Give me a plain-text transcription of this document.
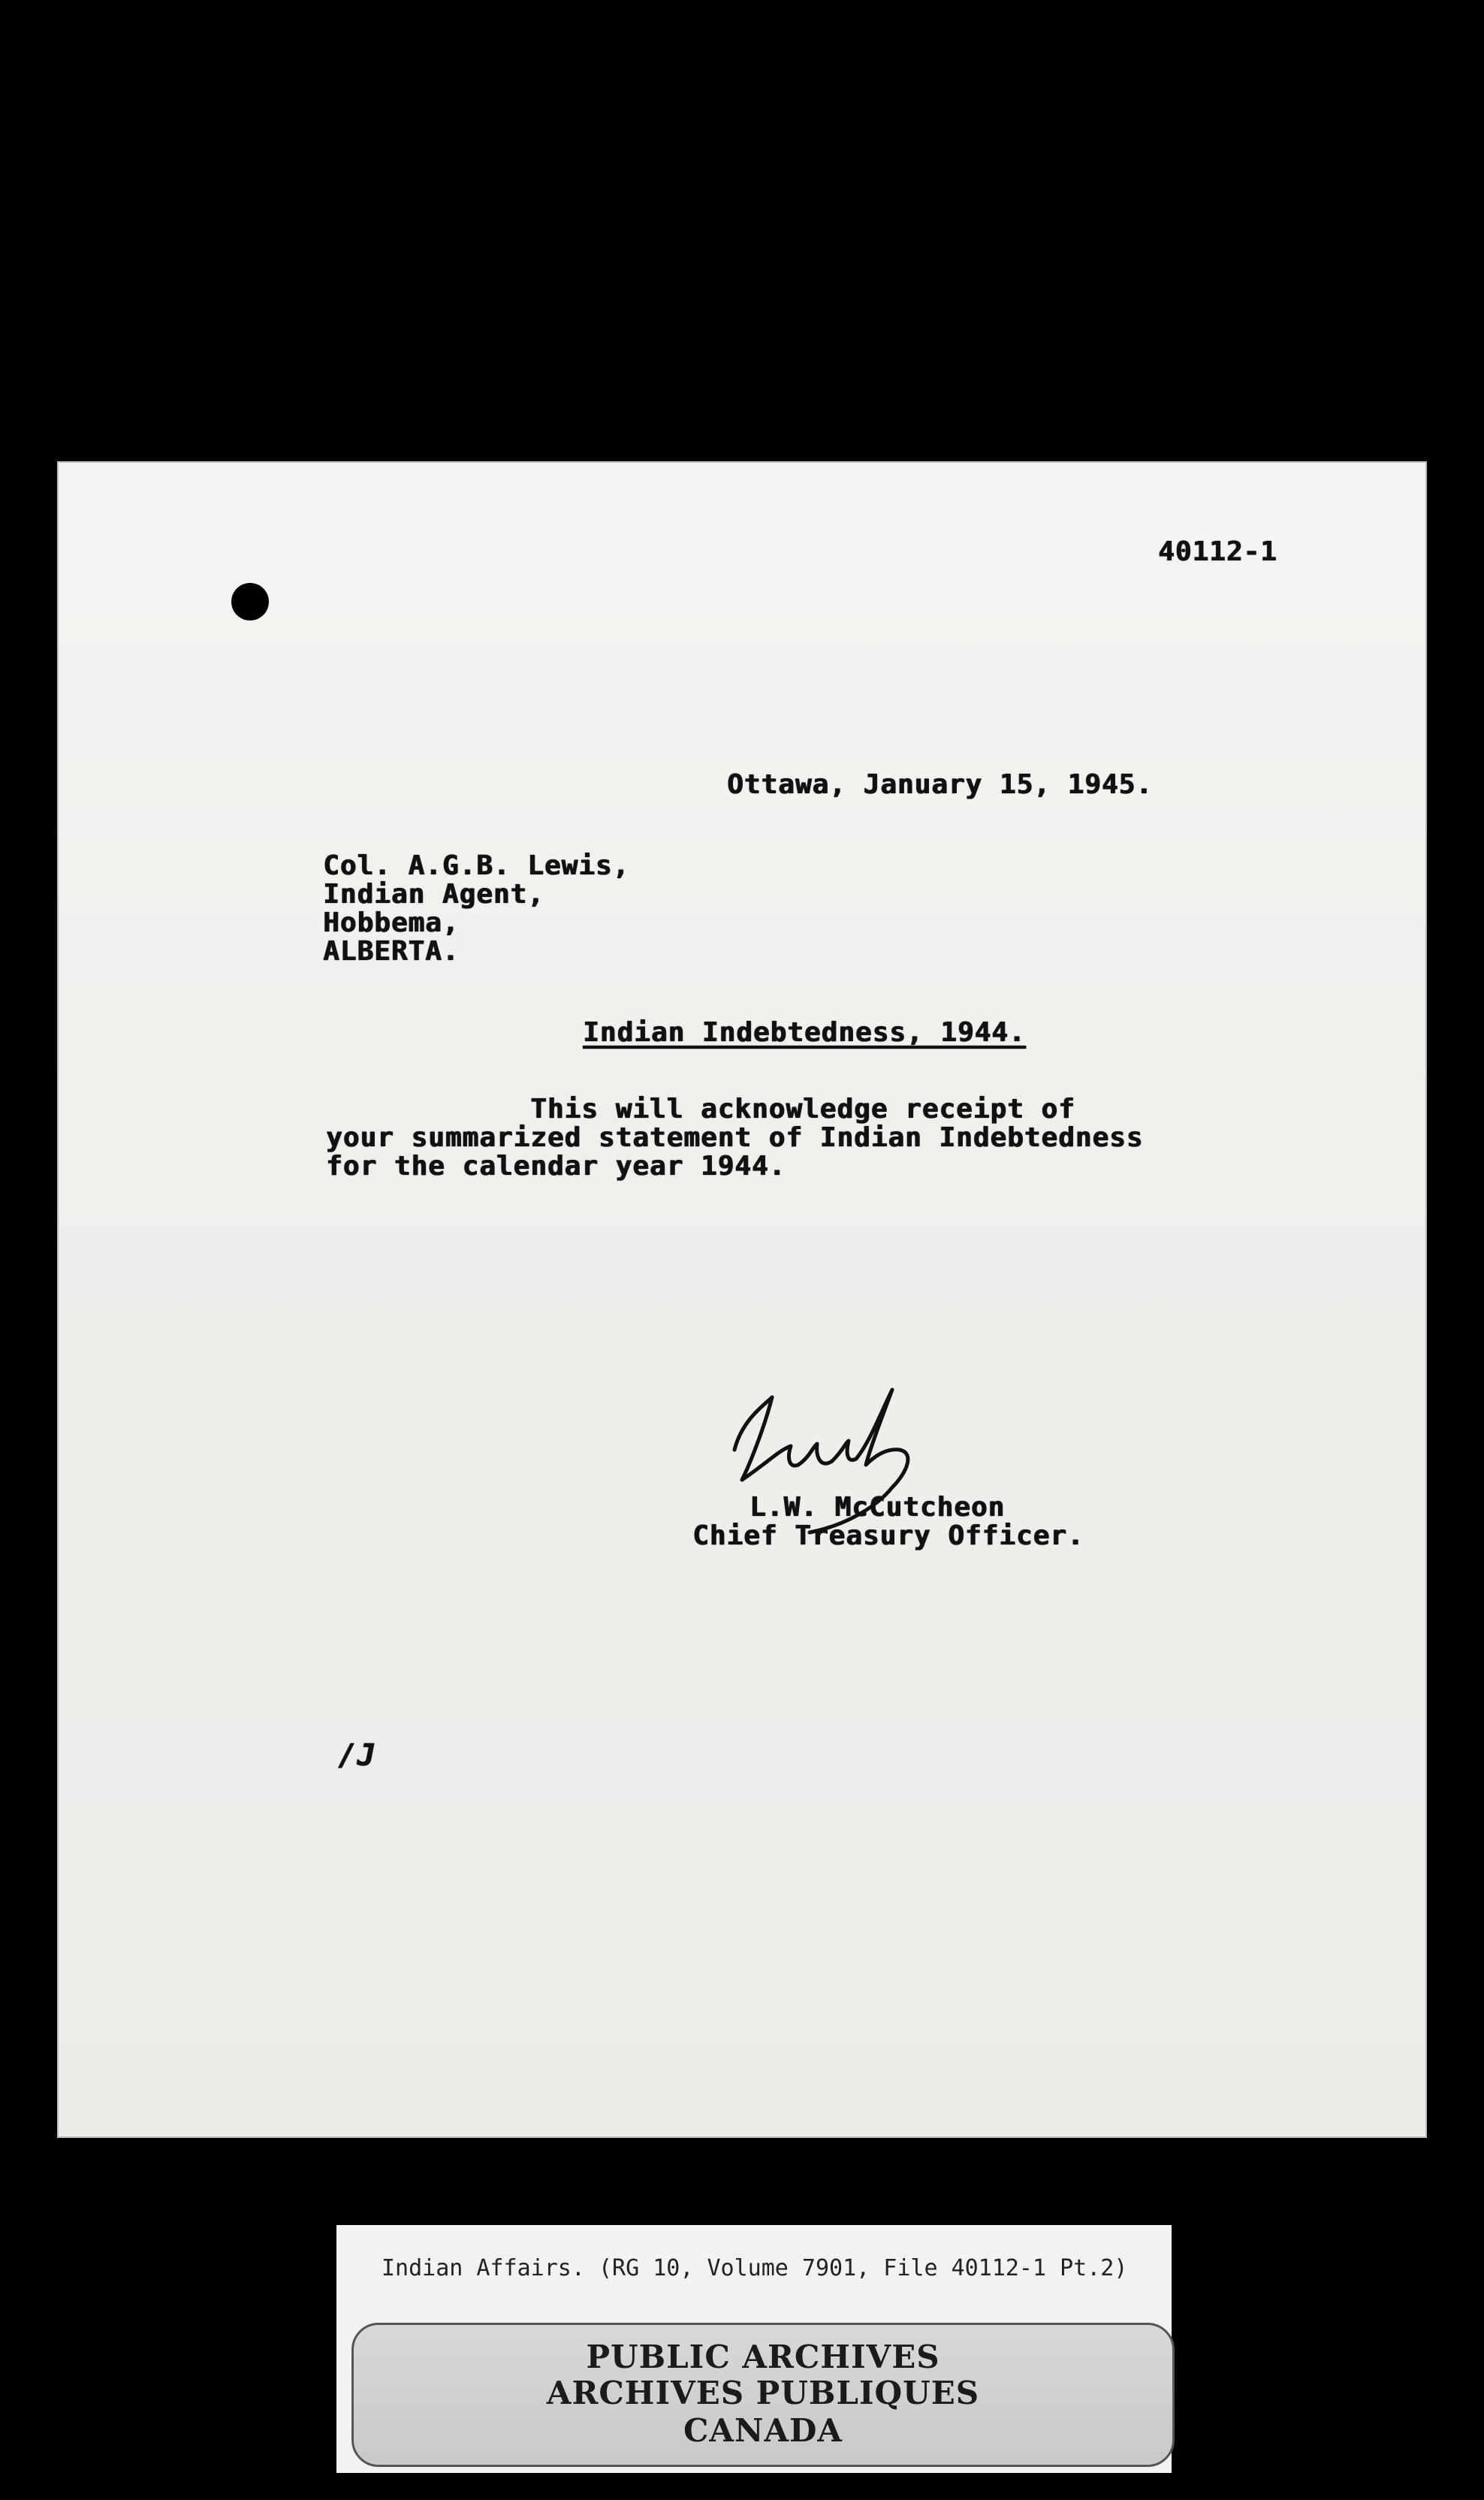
40112-1
Ottawa, January 15, 1945.
Col. A.G.B. Lewis,
Indian Agent,
Hobbema,
ALBERTA.
Indian Indebtedness, 1944.
This will acknowledge receipt of
your summarized statement of Indian Indebtedness
for the calendar year 1944.
L.W. McCutcheon
Chief Treasury Officer.
/J
Indian Affairs. (RG 10, Volume 7901, File 40112-1 Pt.2)
PUBLIC ARCHIVES
ARCHIVES PUBLIQUES
CANADA
